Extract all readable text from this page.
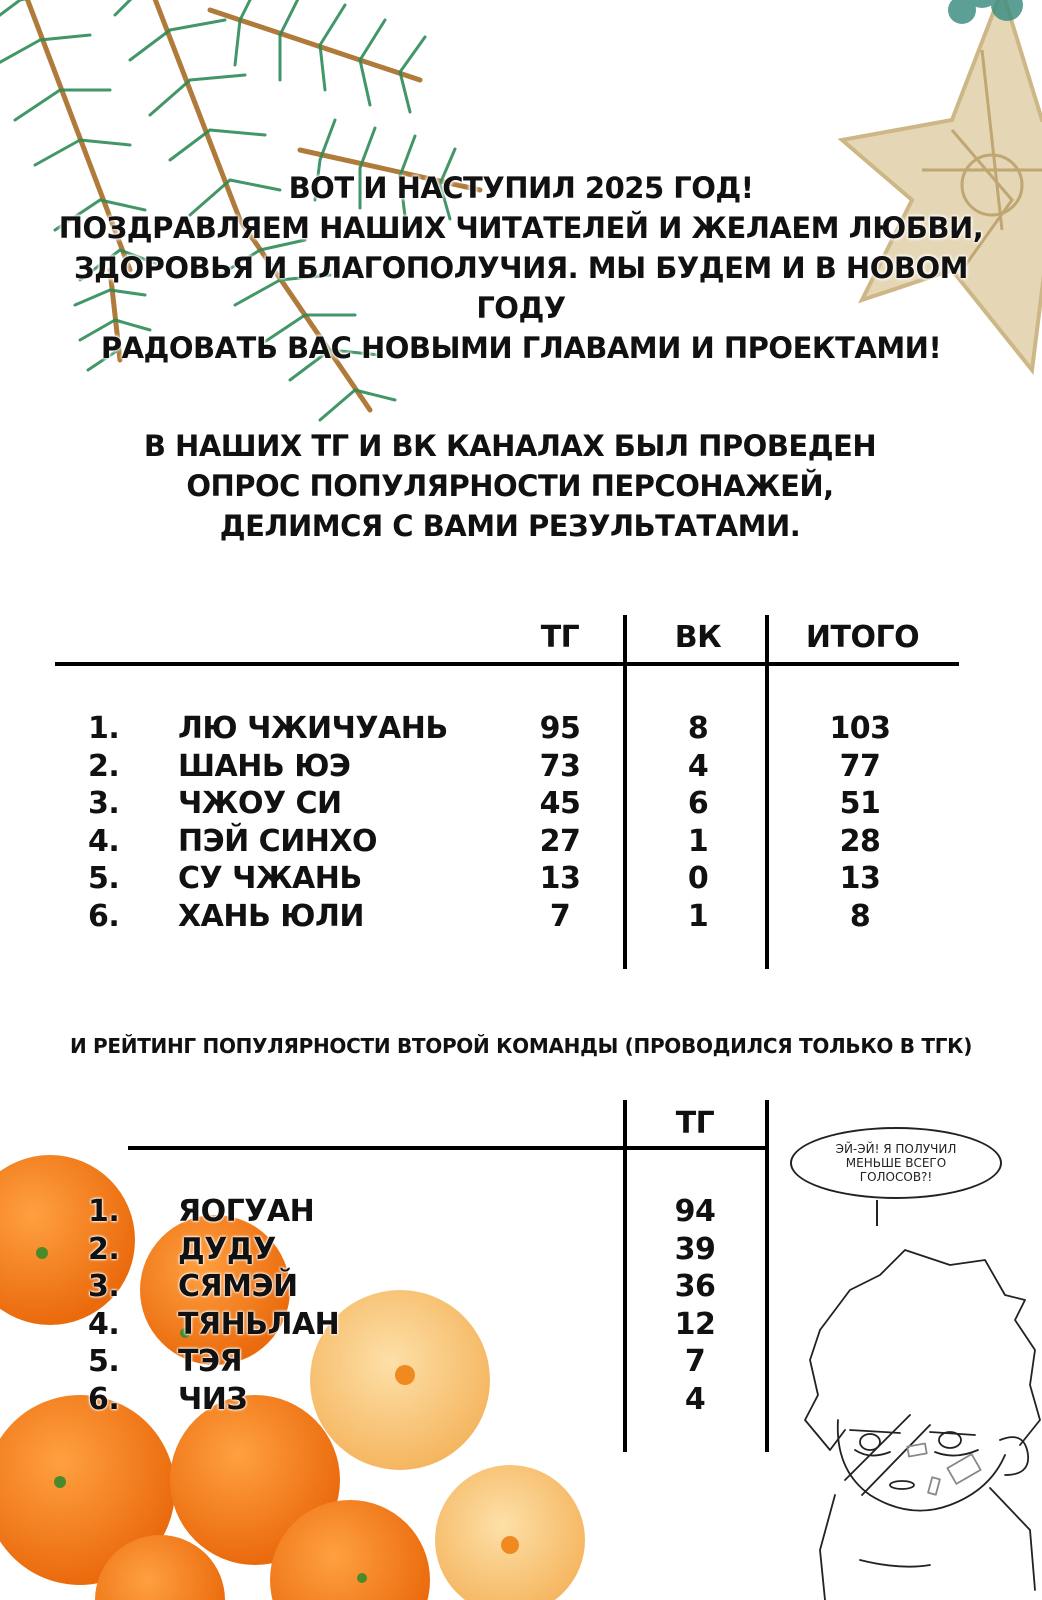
ВОТ И НАСТУПИЛ 2025 ГОД!
ПОЗДРАВЛЯЕМ НАШИХ ЧИТАТЕЛЕЙ И ЖЕЛАЕМ ЛЮБВИ,
ЗДОРОВЬЯ И БЛАГОПОЛУЧИЯ. МЫ БУДЕМ И В НОВОМ ГОДУ
РАДОВАТЬ ВАС НОВЫМИ ГЛАВАМИ И ПРОЕКТАМИ!
В НАШИХ ТГ И ВК КАНАЛАХ БЫЛ ПРОВЕДЕН
ОПРОС ПОПУЛЯРНОСТИ ПЕРСОНАЖЕЙ,
ДЕЛИМСЯ С ВАМИ РЕЗУЛЬТАТАМИ.
ТГ	ВК	ИТОГО
1.
2.
3.
4.
5.
6.
ЛЮ ЧЖИЧУАНЬ
ШАНЬ ЮЭ
ЧЖОУ СИ
ПЭЙ СИНХО
СУ ЧЖАНЬ
ХАНЬ ЮЛИ
95
73
45
27
13
7
8
4
6
1
0
1
103
77
51
28
13
8
И РЕЙТИНГ ПОПУЛЯРНОСТИ ВТОРОЙ КОМАНДЫ (ПРОВОДИЛСЯ ТОЛЬКО В ТГК)
ТГ
1.
2.
3.
4.
5.
6.
ЯОГУАН
ДУДУ
СЯМЭЙ
ТЯНЬЛАН
ТЭЯ
ЧИЗ
94
39
36
12
7
4
ЭЙ-ЭЙ! Я ПОЛУЧИЛ МЕНЬШЕ ВСЕГО ГОЛОСОВ?!
